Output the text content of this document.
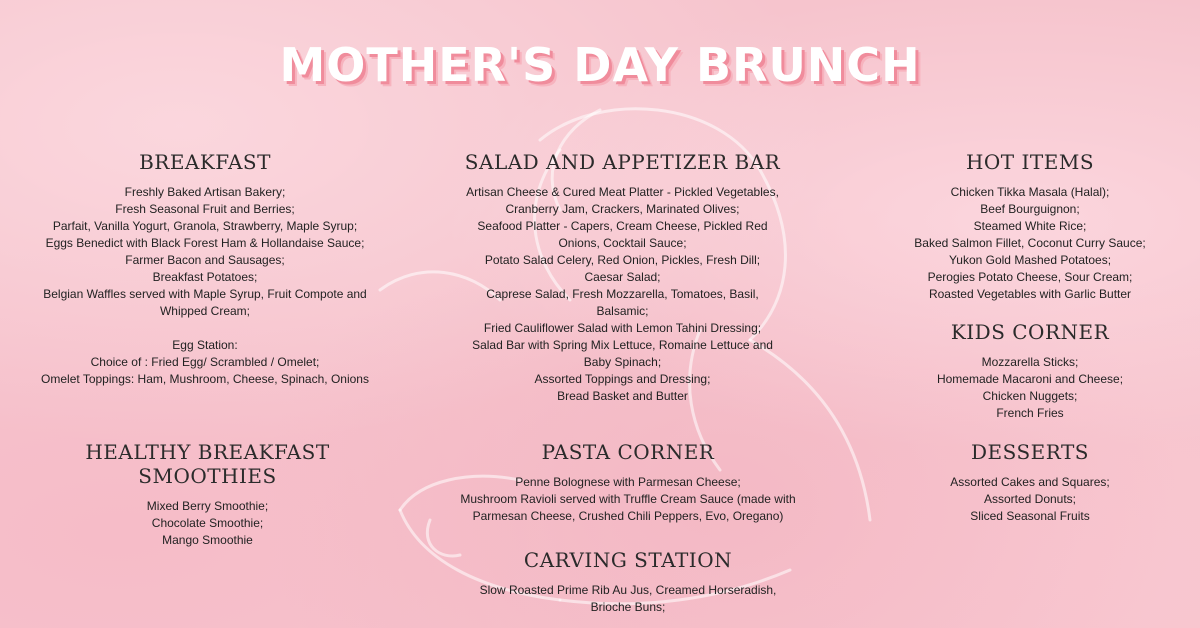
MOTHER'S DAY BRUNCH
BREAKFAST
Freshly Baked Artisan Bakery;
Fresh Seasonal Fruit and Berries;
Parfait, Vanilla Yogurt, Granola, Strawberry, Maple Syrup;
Eggs Benedict with Black Forest Ham & Hollandaise Sauce;
Farmer Bacon and Sausages;
Breakfast Potatoes;
Belgian Waffles served with Maple Syrup, Fruit Compote and
Whipped Cream;
Egg Station:
Choice of : Fried Egg/ Scrambled / Omelet;
Omelet Toppings: Ham, Mushroom, Cheese, Spinach, Onions
SALAD AND APPETIZER BAR
Artisan Cheese & Cured Meat Platter - Pickled Vegetables,
Cranberry Jam, Crackers, Marinated Olives;
Seafood Platter - Capers, Cream Cheese, Pickled Red
Onions, Cocktail Sauce;
Potato Salad Celery, Red Onion, Pickles, Fresh Dill;
Caesar Salad;
Caprese Salad, Fresh Mozzarella, Tomatoes, Basil,
Balsamic;
Fried Cauliflower Salad with Lemon Tahini Dressing;
Salad Bar with Spring Mix Lettuce, Romaine Lettuce and
Baby Spinach;
Assorted Toppings and Dressing;
Bread Basket and Butter
HOT ITEMS
Chicken Tikka Masala (Halal);
Beef Bourguignon;
Steamed White Rice;
Baked Salmon Fillet, Coconut Curry Sauce;
Yukon Gold Mashed Potatoes;
Perogies Potato Cheese, Sour Cream;
Roasted Vegetables with Garlic Butter
KIDS CORNER
Mozzarella Sticks;
Homemade Macaroni and Cheese;
Chicken Nuggets;
French Fries
HEALTHY BREAKFAST SMOOTHIES
Mixed Berry Smoothie;
Chocolate Smoothie;
Mango Smoothie
PASTA CORNER
Penne Bolognese with Parmesan Cheese;
Mushroom Ravioli served with Truffle Cream Sauce (made with
Parmesan Cheese, Crushed Chili Peppers, Evo, Oregano)
DESSERTS
Assorted Cakes and Squares;
Assorted Donuts;
Sliced Seasonal Fruits
CARVING STATION
Slow Roasted Prime Rib Au Jus, Creamed Horseradish,
Brioche Buns;
